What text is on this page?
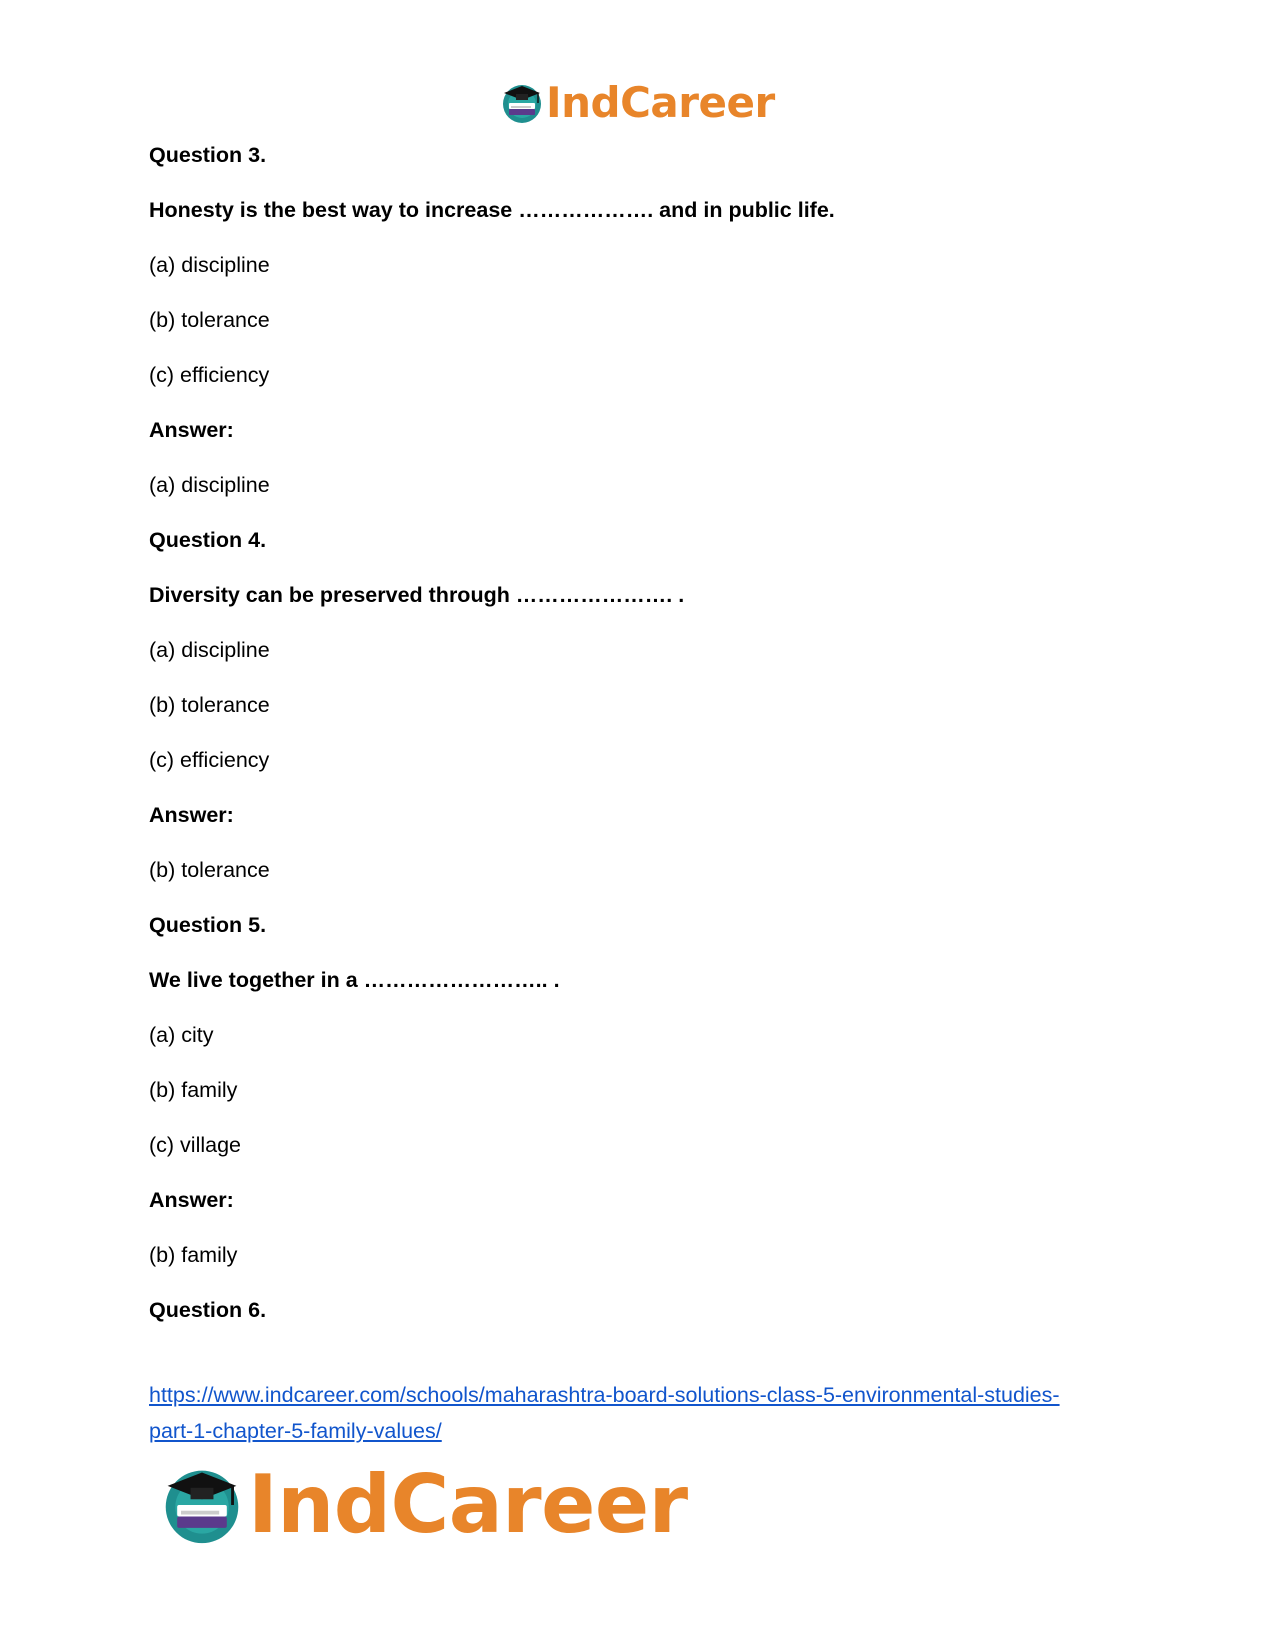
IndCareer
Question 3.
Honesty is the best way to increase ………………. and in public life.
(a) discipline
(b) tolerance
(c) efficiency
Answer:
(a) discipline
Question 4.
Diversity can be preserved through …………………. .
(a) discipline
(b) tolerance
(c) efficiency
Answer:
(b) tolerance
Question 5.
We live together in a …………………….. .
(a) city
(b) family
(c) village
Answer:
(b) family
Question 6.
https://www.indcareer.com/schools/maharashtra-board-solutions-class-5-environmental-studies-
part-1-chapter-5-family-values/
IndCareer
